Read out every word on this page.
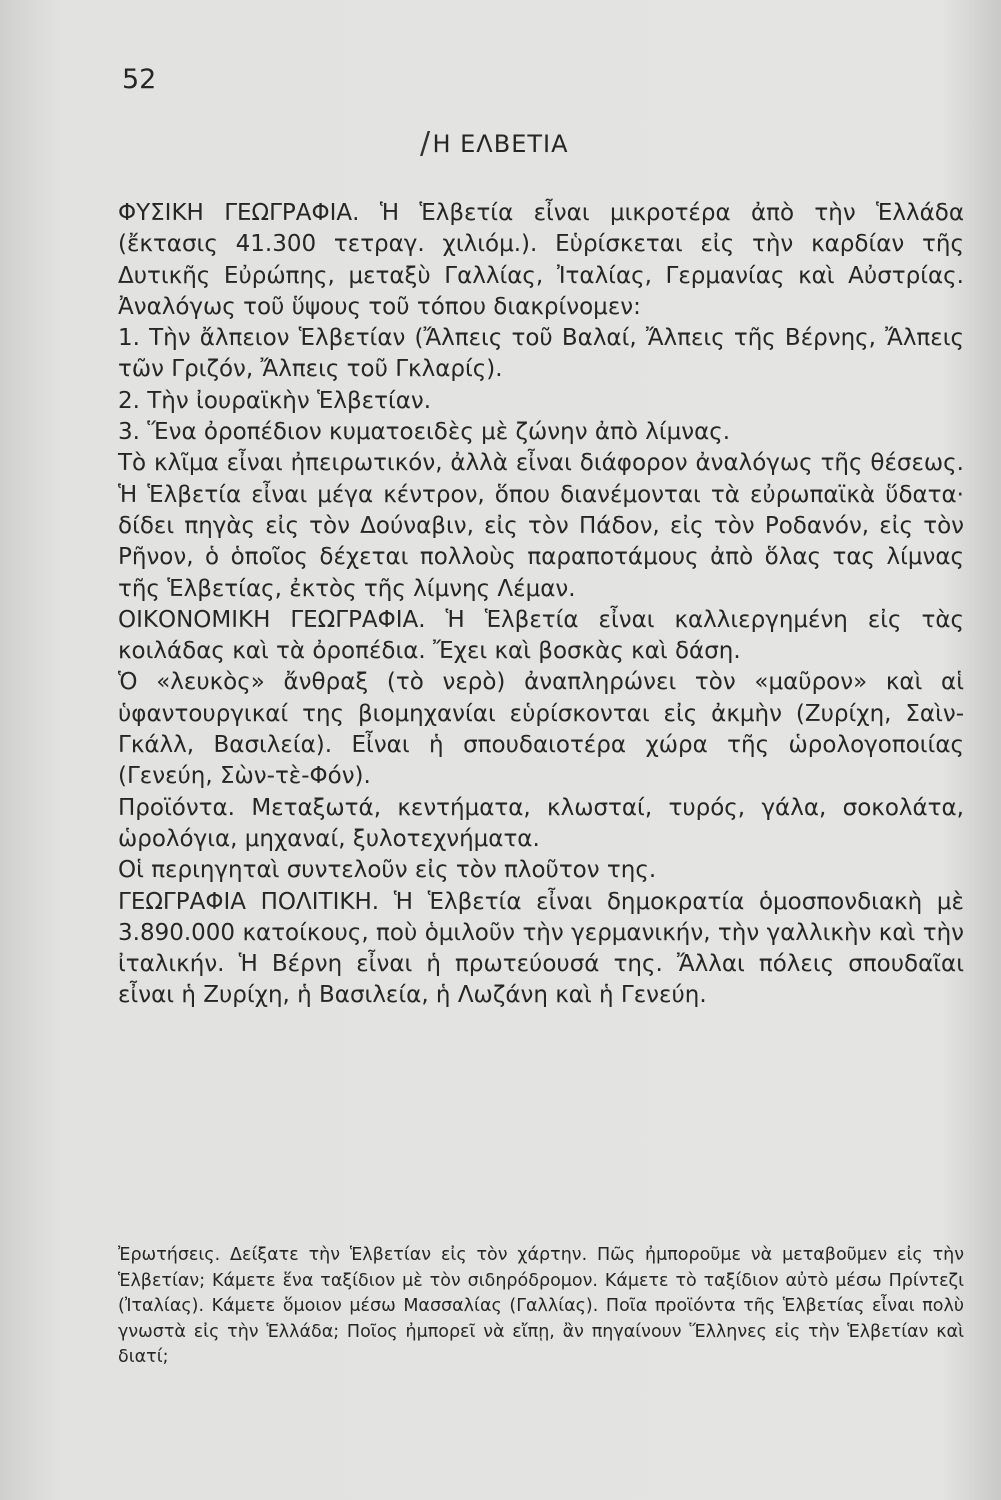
52
/ Η ΕΛΒΕΤΙΑ

ΦΥΣΙΚΗ ΓΕΩΓΡΑΦΙΑ. Ἡ Ἑλβετία εἶναι μικροτέρα ἀπὸ τὴν Ἑλλάδα (ἔκτασις 41.300 τετραγ. χιλιόμ.). Εὑρίσκεται εἰς τὴν καρδίαν τῆς Δυτικῆς Εὐρώπης, μεταξὺ Γαλλίας, Ἰταλίας, Γερμανίας καὶ Αὐστρίας. Ἀναλόγως τοῦ ὕψους τοῦ τόπου διακρίνομεν:

1. Τὴν ἄλπειον Ἑλβετίαν (Ἄλπεις τοῦ Βαλαί, Ἄλπεις τῆς Βέρνης, Ἄλπεις τῶν Γριζόν, Ἄλπεις τοῦ Γκλαρίς).

2. Τὴν ἰουραϊκὴν Ἑλβετίαν.

3. Ἕνα ὀροπέδιον κυματοειδὲς μὲ ζώνην ἀπὸ λίμνας.

Τὸ κλῖμα εἶναι ἠπειρωτικόν, ἀλλὰ εἶναι διάφορον ἀναλόγως τῆς θέσεως. Ἡ Ἑλβετία εἶναι μέγα κέντρον, ὅπου διανέμονται τὰ εὐρωπαϊκὰ ὕδατα· δίδει πηγὰς εἰς τὸν Δούναβιν, εἰς τὸν Πάδον, εἰς τὸν Ροδανόν, εἰς τὸν Ρῆνον, ὁ ὁποῖος δέχεται πολλοὺς παραποτάμους ἀπὸ ὅλας τας λίμνας τῆς Ἑλβετίας, ἐκτὸς τῆς λίμνης Λέμαν.

ΟΙΚΟΝΟΜΙΚΗ ΓΕΩΓΡΑΦΙΑ. Ἡ Ἑλβετία εἶναι καλλιεργημένη εἰς τὰς κοιλάδας καὶ τὰ ὀροπέδια. Ἔχει καὶ βοσκὰς καὶ δάση.

Ὁ «λευκὸς» ἄνθραξ (τὸ νερὸ) ἀναπληρώνει τὸν «μαῦρον» καὶ αἱ ὑφαντουργικαί της βιομηχανίαι εὑρίσκονται εἰς ἀκμὴν (Ζυρίχη, Σαὶν-Γκάλλ, Βασιλεία). Εἶναι ἡ σπουδαιοτέρα χώρα τῆς ὡρολογοποιίας (Γενεύη, Σὼν-τὲ-Φόν).

Προϊόντα. Μεταξωτά, κεντήματα, κλωσταί, τυρός, γάλα, σοκολάτα, ὡρολόγια, μηχαναί, ξυλοτεχνήματα.

Οἱ περιηγηταὶ συντελοῦν εἰς τὸν πλοῦτον της.

ΓΕΩΓΡΑΦΙΑ ΠΟΛΙΤΙΚΗ. Ἡ Ἑλβετία εἶναι δημοκρατία ὁμοσπονδιακὴ μὲ 3.890.000 κατοίκους, ποὺ ὁμιλοῦν τὴν γερμανικήν, τὴν γαλλικὴν καὶ τὴν ἰταλικήν. Ἡ Βέρνη εἶναι ἡ πρωτεύουσά της. Ἄλλαι πόλεις σπουδαῖαι εἶναι ἡ Ζυρίχη, ἡ Βασιλεία, ἡ Λωζάνη καὶ ἡ Γενεύη.

Ἐρωτήσεις. Δείξατε τὴν Ἑλβετίαν εἰς τὸν χάρτην. Πῶς ἠμποροῦμε νὰ μεταβοῦμεν εἰς τὴν Ἑλβετίαν; Κάμετε ἕνα ταξίδιον μὲ τὸν σιδηρόδρομον. Κάμετε τὸ ταξίδιον αὐτὸ μέσω Πρίντεζι (Ἰταλίας). Κάμετε ὅμοιον μέσω Μασσαλίας (Γαλλίας). Ποῖα προϊόντα τῆς Ἑλβετίας εἶναι πολὺ γνωστὰ εἰς τὴν Ἑλλάδα; Ποῖος ἠμπορεῖ νὰ εἴπῃ, ἂν πηγαίνουν Ἕλληνες εἰς τὴν Ἑλβετίαν καὶ διατί;
